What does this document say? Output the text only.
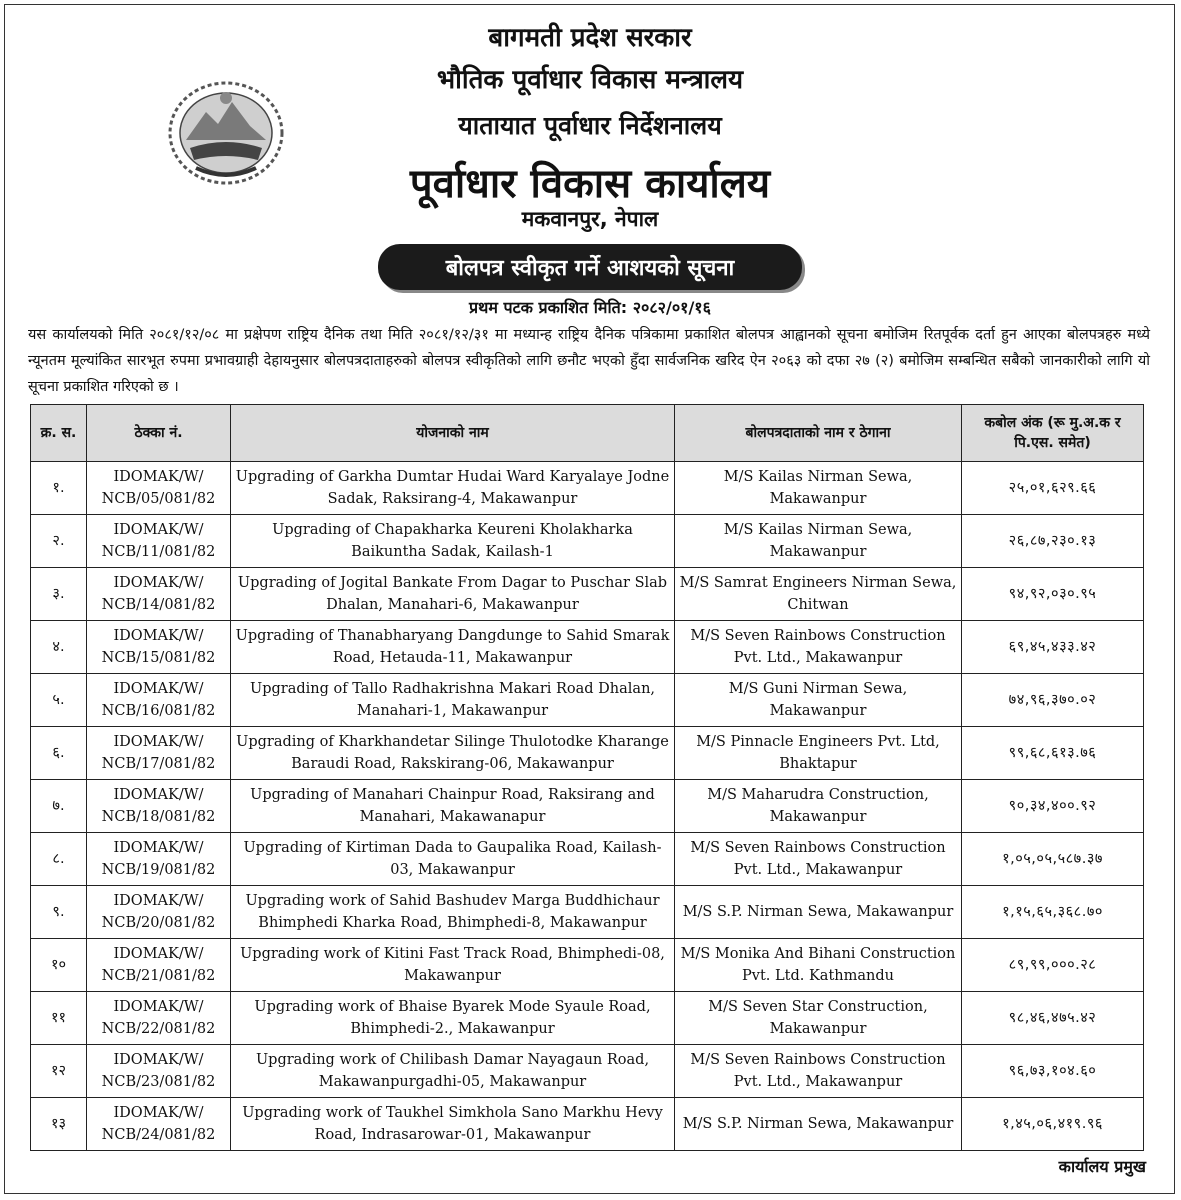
बागमती प्रदेश सरकार
भौतिक पूर्वाधार विकास मन्त्रालय
यातायात पूर्वाधार निर्देशनालय
पूर्वाधार विकास कार्यालय
मकवानपुर, नेपाल
बोलपत्र स्वीकृत गर्ने आशयको सूचना
प्रथम पटक प्रकाशित मिति: २०८२/०१/१६
यस कार्यालयको मिति २०८१/१२/०८ मा प्रक्षेपण राष्ट्रिय दैनिक तथा मिति २०८१/१२/३१ मा मध्यान्ह राष्ट्रिय दैनिक पत्रिकामा प्रकाशित बोलपत्र आह्वानको सूचना बमोजिम रितपूर्वक दर्ता हुन आएका बोलपत्रहरु मध्ये न्यूनतम मूल्यांकित सारभूत रुपमा प्रभावग्राही देहायनुसार बोलपत्रदाताहरुको बोलपत्र स्वीकृतिको लागि छनौट भएको हुँदा सार्वजनिक खरिद ऐन २०६३ को दफा २७ (२) बमोजिम सम्बन्धित सबैको जानकारीको लागि यो सूचना प्रकाशित गरिएको छ ।
क्र. स.	ठेक्का नं.	योजनाको नाम	बोलपत्रदाताको नाम र ठेगाना	कबोल अंक (रू मु.अ.क र पि.एस. समेत)
१.	IDOMAK/W/ NCB/05/081/82	Upgrading of Garkha Dumtar Hudai Ward Karyalaye Jodne Sadak, Raksirang-4, Makawanpur	M/S Kailas Nirman Sewa, Makawanpur	२५,०१,६२९.६६
२.	IDOMAK/W/ NCB/11/081/82	Upgrading of Chapakharka Keureni Kholakharka Baikuntha Sadak, Kailash-1	M/S Kailas Nirman Sewa, Makawanpur	२६,८७,२३०.१३
३.	IDOMAK/W/ NCB/14/081/82	Upgrading of Jogital Bankate From Dagar to Puschar Slab Dhalan, Manahari-6, Makawanpur	M/S Samrat Engineers Nirman Sewa, Chitwan	९४,९२,०३०.९५
४.	IDOMAK/W/ NCB/15/081/82	Upgrading of Thanabharyang Dangdunge to Sahid Smarak Road, Hetauda-11, Makawanpur	M/S Seven Rainbows Construction Pvt. Ltd., Makawanpur	६९,४५,४३३.४२
५.	IDOMAK/W/ NCB/16/081/82	Upgrading of Tallo Radhakrishna Makari Road Dhalan, Manahari-1, Makawanpur	M/S Guni Nirman Sewa, Makawanpur	७४,९६,३७०.०२
६.	IDOMAK/W/ NCB/17/081/82	Upgrading of Kharkhandetar Silinge Thulotodke Kharange Baraudi Road, Rakskirang-06, Makawanpur	M/S Pinnacle Engineers Pvt. Ltd, Bhaktapur	९९,६८,६१३.७६
७.	IDOMAK/W/ NCB/18/081/82	Upgrading of Manahari Chainpur Road, Raksirang and Manahari, Makawanapur	M/S Maharudra Construction, Makawanpur	९०,३४,४००.९२
८.	IDOMAK/W/ NCB/19/081/82	Upgrading of Kirtiman Dada to Gaupalika Road, Kailash-03, Makawanpur	M/S Seven Rainbows Construction Pvt. Ltd., Makawanpur	१,०५,०५,५८७.३७
९.	IDOMAK/W/ NCB/20/081/82	Upgrading work of Sahid Bashudev Marga Buddhichaur Bhimphedi Kharka Road, Bhimphedi-8, Makawanpur	M/S S.P. Nirman Sewa, Makawanpur	१,१५,६५,३६८.७०
१०	IDOMAK/W/ NCB/21/081/82	Upgrading work of Kitini Fast Track Road, Bhimphedi-08, Makawanpur	M/S Monika And Bihani Construction Pvt. Ltd. Kathmandu	८९,९९,०००.२८
११	IDOMAK/W/ NCB/22/081/82	Upgrading work of Bhaise Byarek Mode Syaule Road, Bhimphedi-2., Makawanpur	M/S Seven Star Construction, Makawanpur	९८,४६,४७५.४२
१२	IDOMAK/W/ NCB/23/081/82	Upgrading work of Chilibash Damar Nayagaun Road, Makawanpurgadhi-05, Makawanpur	M/S Seven Rainbows Construction Pvt. Ltd., Makawanpur	९६,७३,१०४.६०
१३	IDOMAK/W/ NCB/24/081/82	Upgrading work of Taukhel Simkhola Sano Markhu Hevy Road, Indrasarowar-01, Makawanpur	M/S S.P. Nirman Sewa, Makawanpur	१,४५,०६,४१९.९६
कार्यालय प्रमुख
